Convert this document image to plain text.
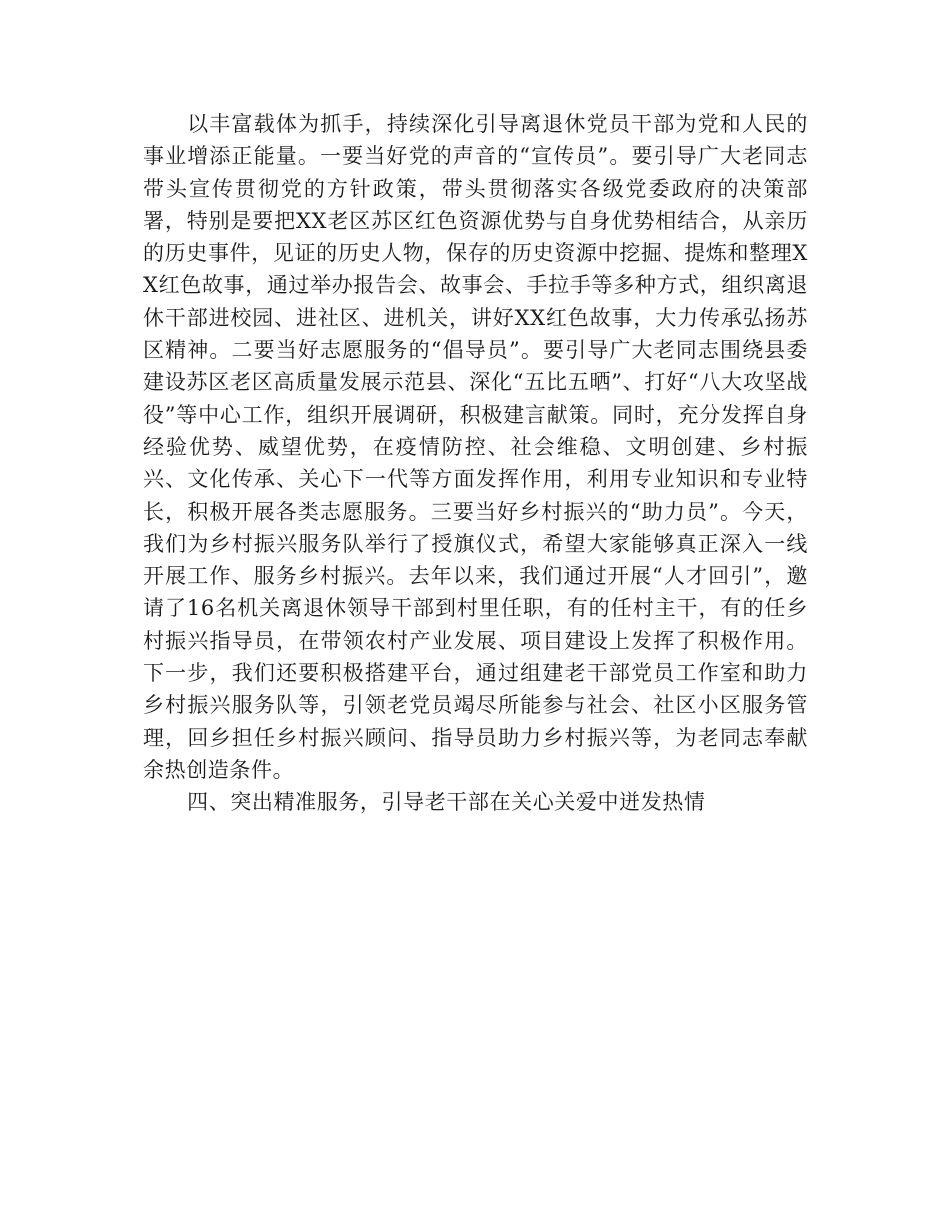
以丰富载体为抓手，持续深化引导离退休党员干部为党和人民的事业增添正能量。一要当好党的声音的“宣传员”。要引导广大老同志带头宣传贯彻党的方针政策，带头贯彻落实各级党委政府的决策部署，特别是要把XX老区苏区红色资源优势与自身优势相结合，从亲历的历史事件，见证的历史人物，保存的历史资源中挖掘、提炼和整理XX红色故事，通过举办报告会、故事会、手拉手等多种方式，组织离退休干部进校园、进社区、进机关，讲好XX红色故事，大力传承弘扬苏区精神。二要当好志愿服务的“倡导员”。要引导广大老同志围绕县委建设苏区老区高质量发展示范县、深化“五比五晒”、打好“八大攻坚战役”等中心工作，组织开展调研，积极建言献策。同时，充分发挥自身经验优势、威望优势，在疫情防控、社会维稳、文明创建、乡村振兴、文化传承、关心下一代等方面发挥作用，利用专业知识和专业特长，积极开展各类志愿服务。三要当好乡村振兴的“助力员”。今天，我们为乡村振兴服务队举行了授旗仪式，希望大家能够真正深入一线开展工作、服务乡村振兴。去年以来，我们通过开展“人才回引”，邀请了16名机关离退休领导干部到村里任职，有的任村主干，有的任乡村振兴指导员，在带领农村产业发展、项目建设上发挥了积极作用。下一步，我们还要积极搭建平台，通过组建老干部党员工作室和助力乡村振兴服务队等，引领老党员竭尽所能参与社会、社区小区服务管理，回乡担任乡村振兴顾问、指导员助力乡村振兴等，为老同志奉献余热创造条件。

四、突出精准服务，引导老干部在关心关爱中迸发热情
